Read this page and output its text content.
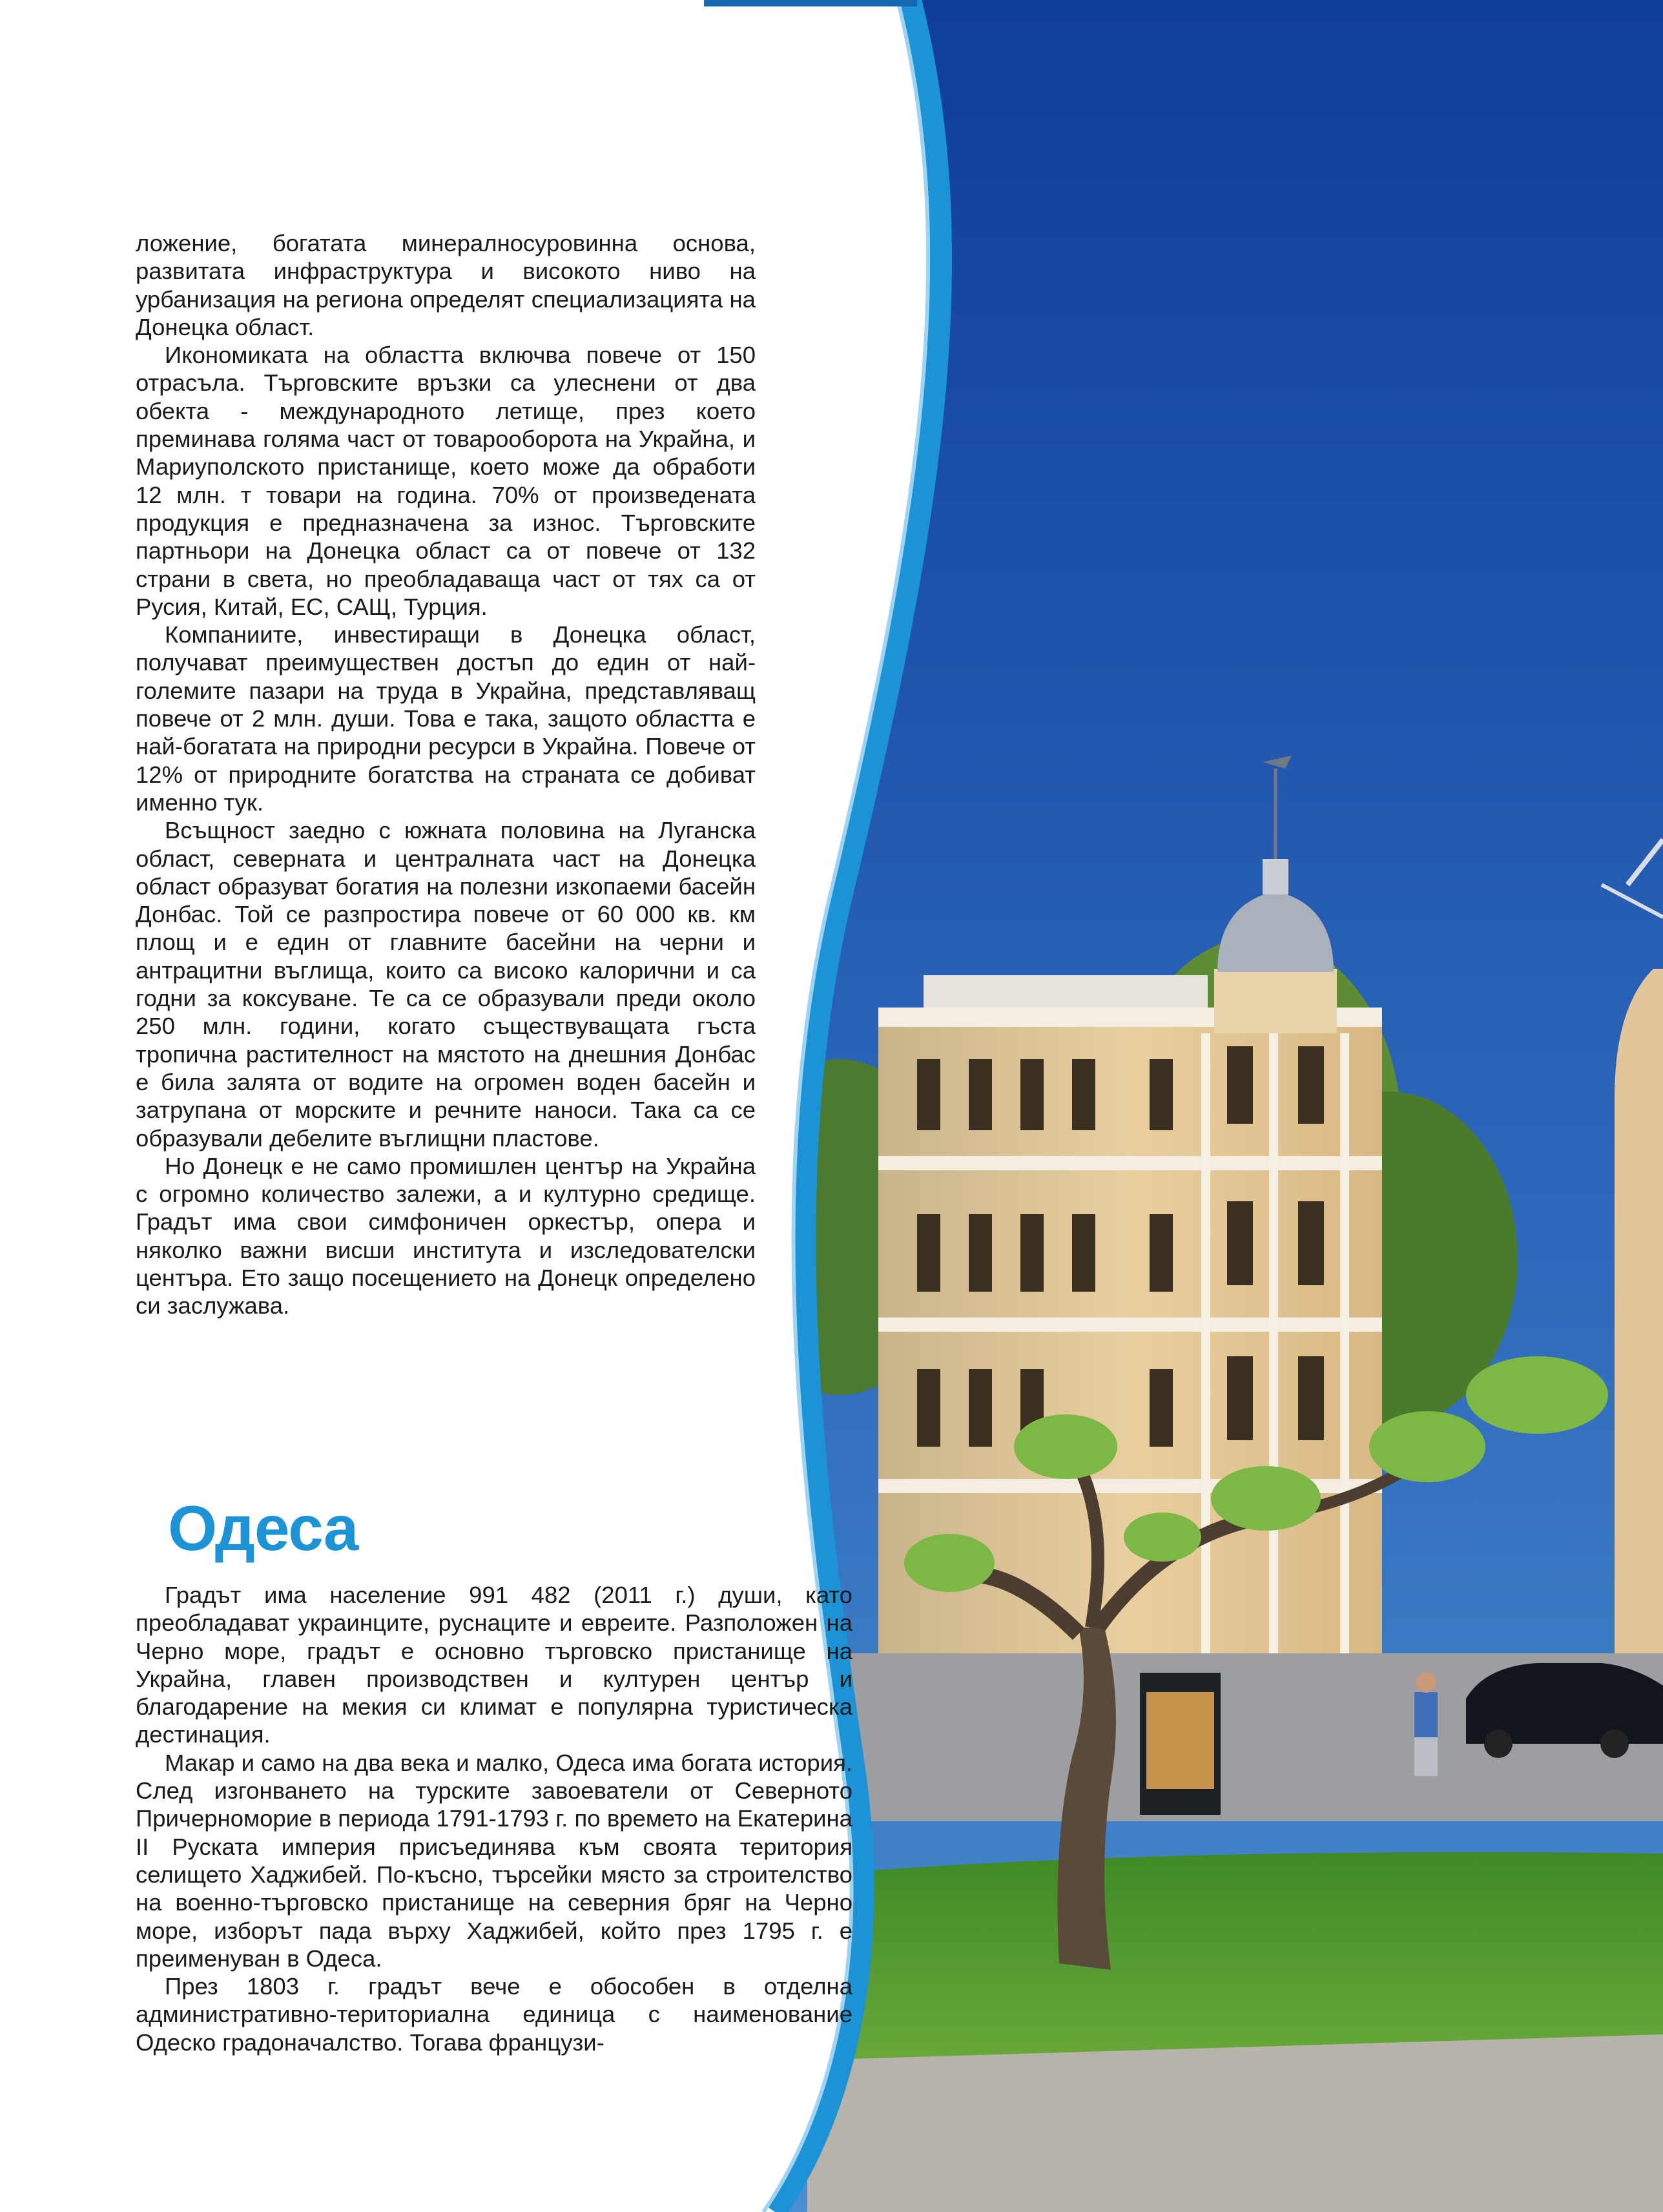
ложение, богатата минералносуровинна основа, развитата инфраструктура и високото ниво на урбанизация на региона определят специализацията на Донецка област.

Икономиката на областта включва повече от 150 отрасъла. Търговските връзки са улеснени от два обекта - международното летище, през което преминава голяма част от товарооборота на Украйна, и Мариуполското пристанище, което може да обработи 12 млн. т товари на година. 70% от произведената продукция е предназначена за износ. Търговските партньори на Донецка област са от повече от 132 страни в света, но преобладаваща част от тях са от Русия, Китай, ЕС, САЩ, Турция.

Компаниите, инвестиращи в Донецка област, получават преимуществен достъп до един от най-големите пазари на труда в Украйна, представляващ повече от 2 млн. души. Това е така, защото областта е най-богатата на природни ресурси в Украйна. Повече от 12% от природните богатства на страната се добиват именно тук.

Всъщност заедно с южната половина на Луганска област, северната и централната част на Донецка област образуват богатия на полезни изкопаеми басейн Донбас. Той се разпростира повече от 60 000 кв. км площ и е един от главните басейни на черни и антрацитни въглища, които са високо калорични и са годни за коксуване. Те са се образували преди около 250 млн. години, когато съществуващата гъста тропична растителност на мястото на днешния Донбас е била залята от водите на огромен воден басейн и затрупана от морските и речните наноси. Така са се образували дебелите въглищни пластове.

Но Донецк е не само промишлен център на Украйна с огромно количество залежи, а и културно средище. Градът има свои симфоничен оркестър, опера и няколко важни висши института и изследователски центъра. Ето защо посещението на Донецк определено си заслужава.

Одеса

Градът има население 991 482 (2011 г.) души, като преобладават украинците, руснаците и евреите. Разположен на Черно море, градът е основно търговско пристанище на Украйна, главен производствен и културен център и благодарение на мекия си климат е популярна туристическа дестинация.

Макар и само на два века и малко, Одеса има богата история. След изгонването на турските завоеватели от Северното Причерноморие в периода 1791-1793 г. по времето на Екатерина II Руската империя присъединява към своята територия селището Хаджибей. По-късно, търсейки място за строителство на военно-търговско пристанище на северния бряг на Черно море, изборът пада върху Хаджибей, който през 1795 г. е преименуван в Одеса.

През 1803 г. градът вече е обособен в отделна административно-териториална единица с наименование Одеско градоначалство. Тогава французи-
